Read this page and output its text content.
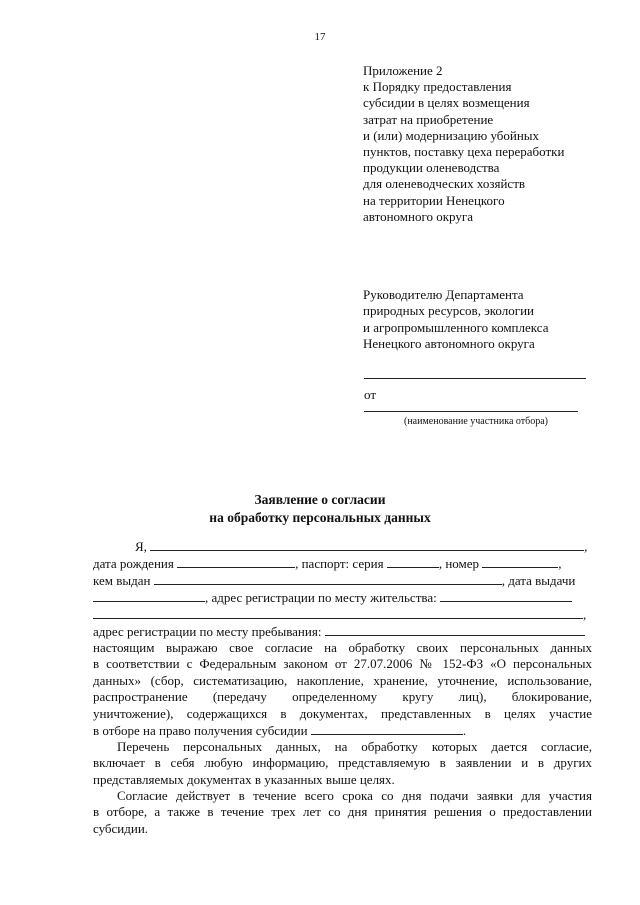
17
Приложение 2
к Порядку предоставления
субсидии в целях возмещения
затрат на приобретение
и (или) модернизацию убойных
пунктов, поставку цеха переработки
продукции оленеводства
для оленеводческих хозяйств
на территории Ненецкого
автономного округа
Руководителю Департамента
природных ресурсов, экологии
и агропромышленного комплекса
Ненецкого автономного округа
от
(наименование участника отбора)
Заявление о согласии
на обработку персональных данных
Я,	,
дата рождения	, паспорт: серия	, номер	,
кем выдан	, дата выдачи
, адрес регистрации по месту жительства:
,
адрес регистрации по месту пребывания:
настоящим выражаю свое согласие на обработку своих персональных данных
в соответствии с Федеральным законом от 27.07.2006 № 152-ФЗ «О персональных
данных» (сбор, систематизацию, накопление, хранение, уточнение, использование,
распространение (передачу определенному кругу лиц), блокирование,
уничтожение), содержащихся в документах, представленных в целях участие
в отборе на право получения субсидии	.
Перечень персональных данных, на обработку которых дается согласие,
включает в себя любую информацию, представляемую в заявлении и в других
представляемых документах в указанных выше целях.
Согласие действует в течение всего срока со дня подачи заявки для участия
в отборе, а также в течение трех лет со дня принятия решения о предоставлении
субсидии.
